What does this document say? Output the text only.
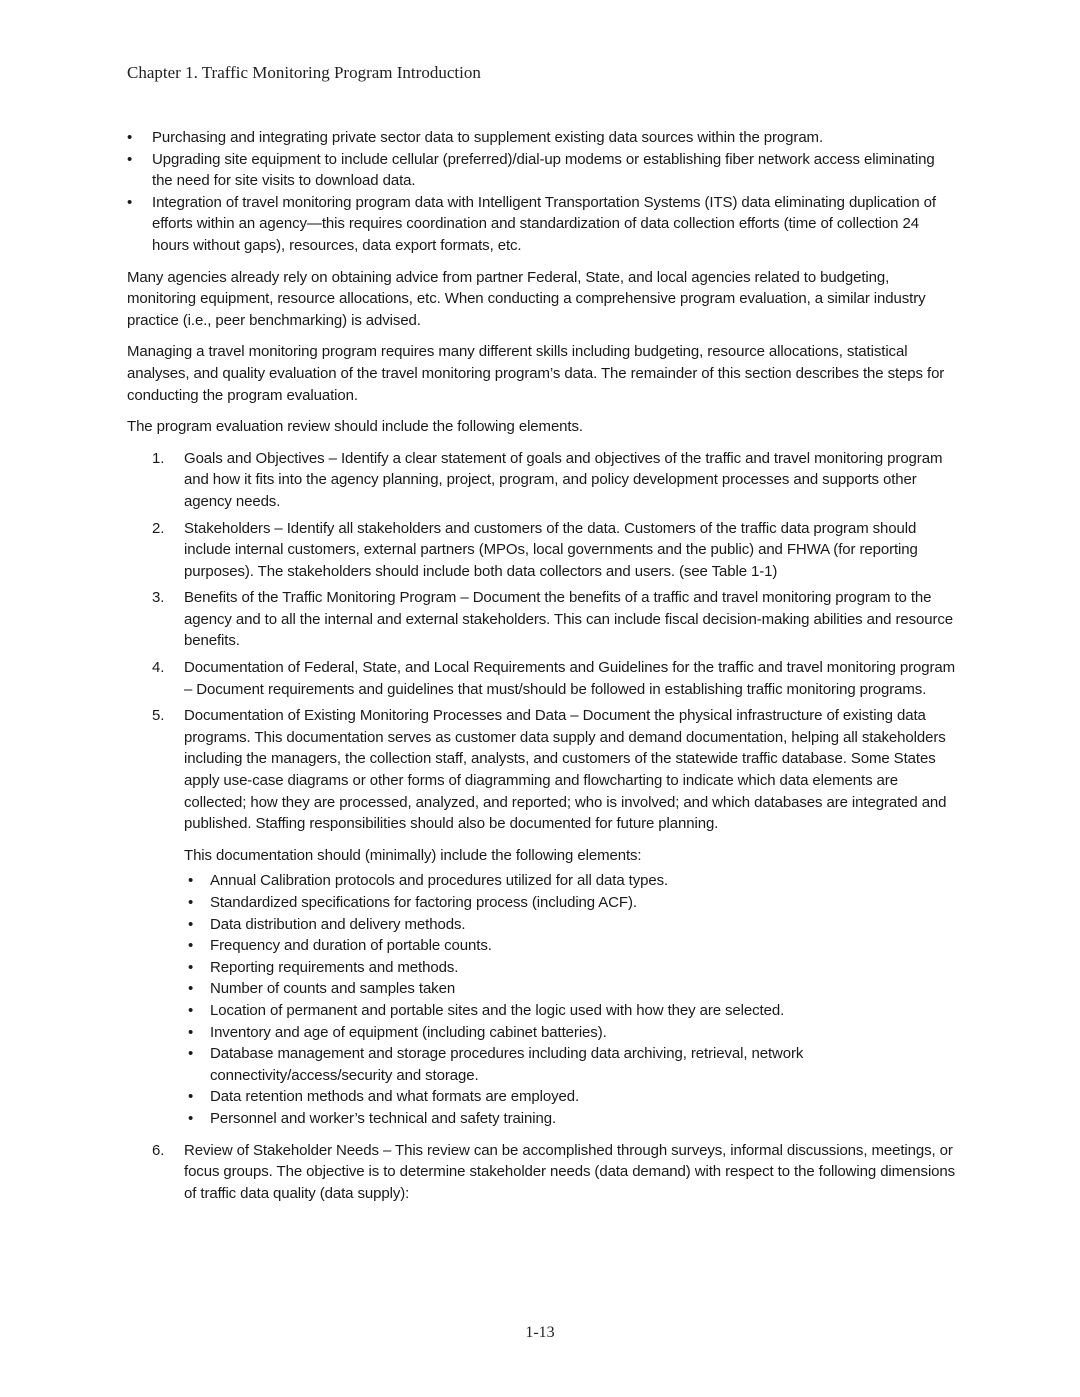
Chapter 1. Traffic Monitoring Program Introduction
•	Purchasing and integrating private sector data to supplement existing data sources within the program.
•	Upgrading site equipment to include cellular (preferred)/dial-up modems or establishing fiber network access eliminating the need for site visits to download data.
•	Integration of travel monitoring program data with Intelligent Transportation Systems (ITS) data eliminating duplication of efforts within an agency—this requires coordination and standardization of data collection efforts (time of collection 24 hours without gaps), resources, data export formats, etc.

Many agencies already rely on obtaining advice from partner Federal, State, and local agencies related to budgeting, monitoring equipment, resource allocations, etc. When conducting a comprehensive program evaluation, a similar industry practice (i.e., peer benchmarking) is advised.

Managing a travel monitoring program requires many different skills including budgeting, resource allocations, statistical analyses, and quality evaluation of the travel monitoring program’s data. The remainder of this section describes the steps for conducting the program evaluation.

The program evaluation review should include the following elements.

1. Goals and Objectives – Identify a clear statement of goals and objectives of the traffic and travel monitoring program and how it fits into the agency planning, project, program, and policy development processes and supports other agency needs.
2. Stakeholders – Identify all stakeholders and customers of the data. Customers of the traffic data program should include internal customers, external partners (MPOs, local governments and the public) and FHWA (for reporting purposes). The stakeholders should include both data collectors and users. (see Table 1-1)
3. Benefits of the Traffic Monitoring Program – Document the benefits of a traffic and travel monitoring program to the agency and to all the internal and external stakeholders. This can include fiscal decision-making abilities and resource benefits.
4. Documentation of Federal, State, and Local Requirements and Guidelines for the traffic and travel monitoring program – Document requirements and guidelines that must/should be followed in establishing traffic monitoring programs.
5. Documentation of Existing Monitoring Processes and Data – Document the physical infrastructure of existing data programs. This documentation serves as customer data supply and demand documentation, helping all stakeholders including the managers, the collection staff, analysts, and customers of the statewide traffic database. Some States apply use-case diagrams or other forms of diagramming and flowcharting to indicate which data elements are collected; how they are processed, analyzed, and reported; who is involved; and which databases are integrated and published. Staffing responsibilities should also be documented for future planning.

This documentation should (minimally) include the following elements:

• Annual Calibration protocols and procedures utilized for all data types.
• Standardized specifications for factoring process (including ACF).
• Data distribution and delivery methods.
• Frequency and duration of portable counts.
• Reporting requirements and methods.
• Number of counts and samples taken
• Location of permanent and portable sites and the logic used with how they are selected.
• Inventory and age of equipment (including cabinet batteries).
• Database management and storage procedures including data archiving, retrieval, network connectivity/access/security and storage.
• Data retention methods and what formats are employed.
• Personnel and worker’s technical and safety training.
6. Review of Stakeholder Needs – This review can be accomplished through surveys, informal discussions, meetings, or focus groups. The objective is to determine stakeholder needs (data demand) with respect to the following dimensions of traffic data quality (data supply):
1-13
